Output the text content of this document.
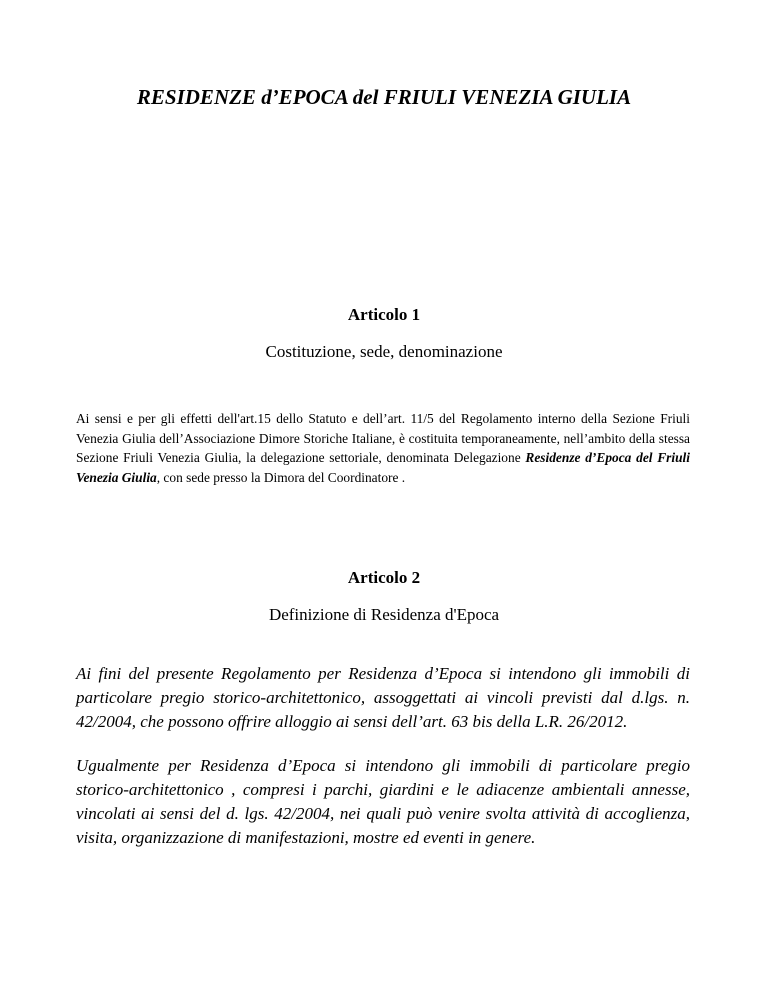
RESIDENZE d’EPOCA del FRIULI VENEZIA GIULIA
Articolo 1
Costituzione, sede, denominazione

Ai sensi e per gli effetti dell'art.15 dello Statuto e dell’art. 11/5 del Regolamento interno della Sezione Friuli Venezia Giulia dell’Associazione Dimore Storiche Italiane, è costituita temporaneamente, nell’ambito della stessa Sezione Friuli Venezia Giulia, la delegazione settoriale, denominata Delegazione Residenze d’Epoca del Friuli Venezia Giulia, con sede presso la Dimora del Coordinatore .

Articolo 2
Definizione di Residenza d'Epoca

Ai fini del presente Regolamento per Residenza d’Epoca si intendono gli immobili di particolare pregio storico-architettonico, assoggettati ai vincoli previsti dal d.lgs. n. 42/2004, che possono offrire alloggio ai sensi dell’art. 63 bis della L.R. 26/2012.

Ugualmente per Residenza d’Epoca si intendono gli immobili di particolare pregio storico-architettonico , compresi i parchi, giardini e le adiacenze ambientali annesse, vincolati ai sensi del d. lgs. 42/2004, nei quali può venire svolta attività di accoglienza, visita, organizzazione di manifestazioni, mostre ed eventi in genere.
